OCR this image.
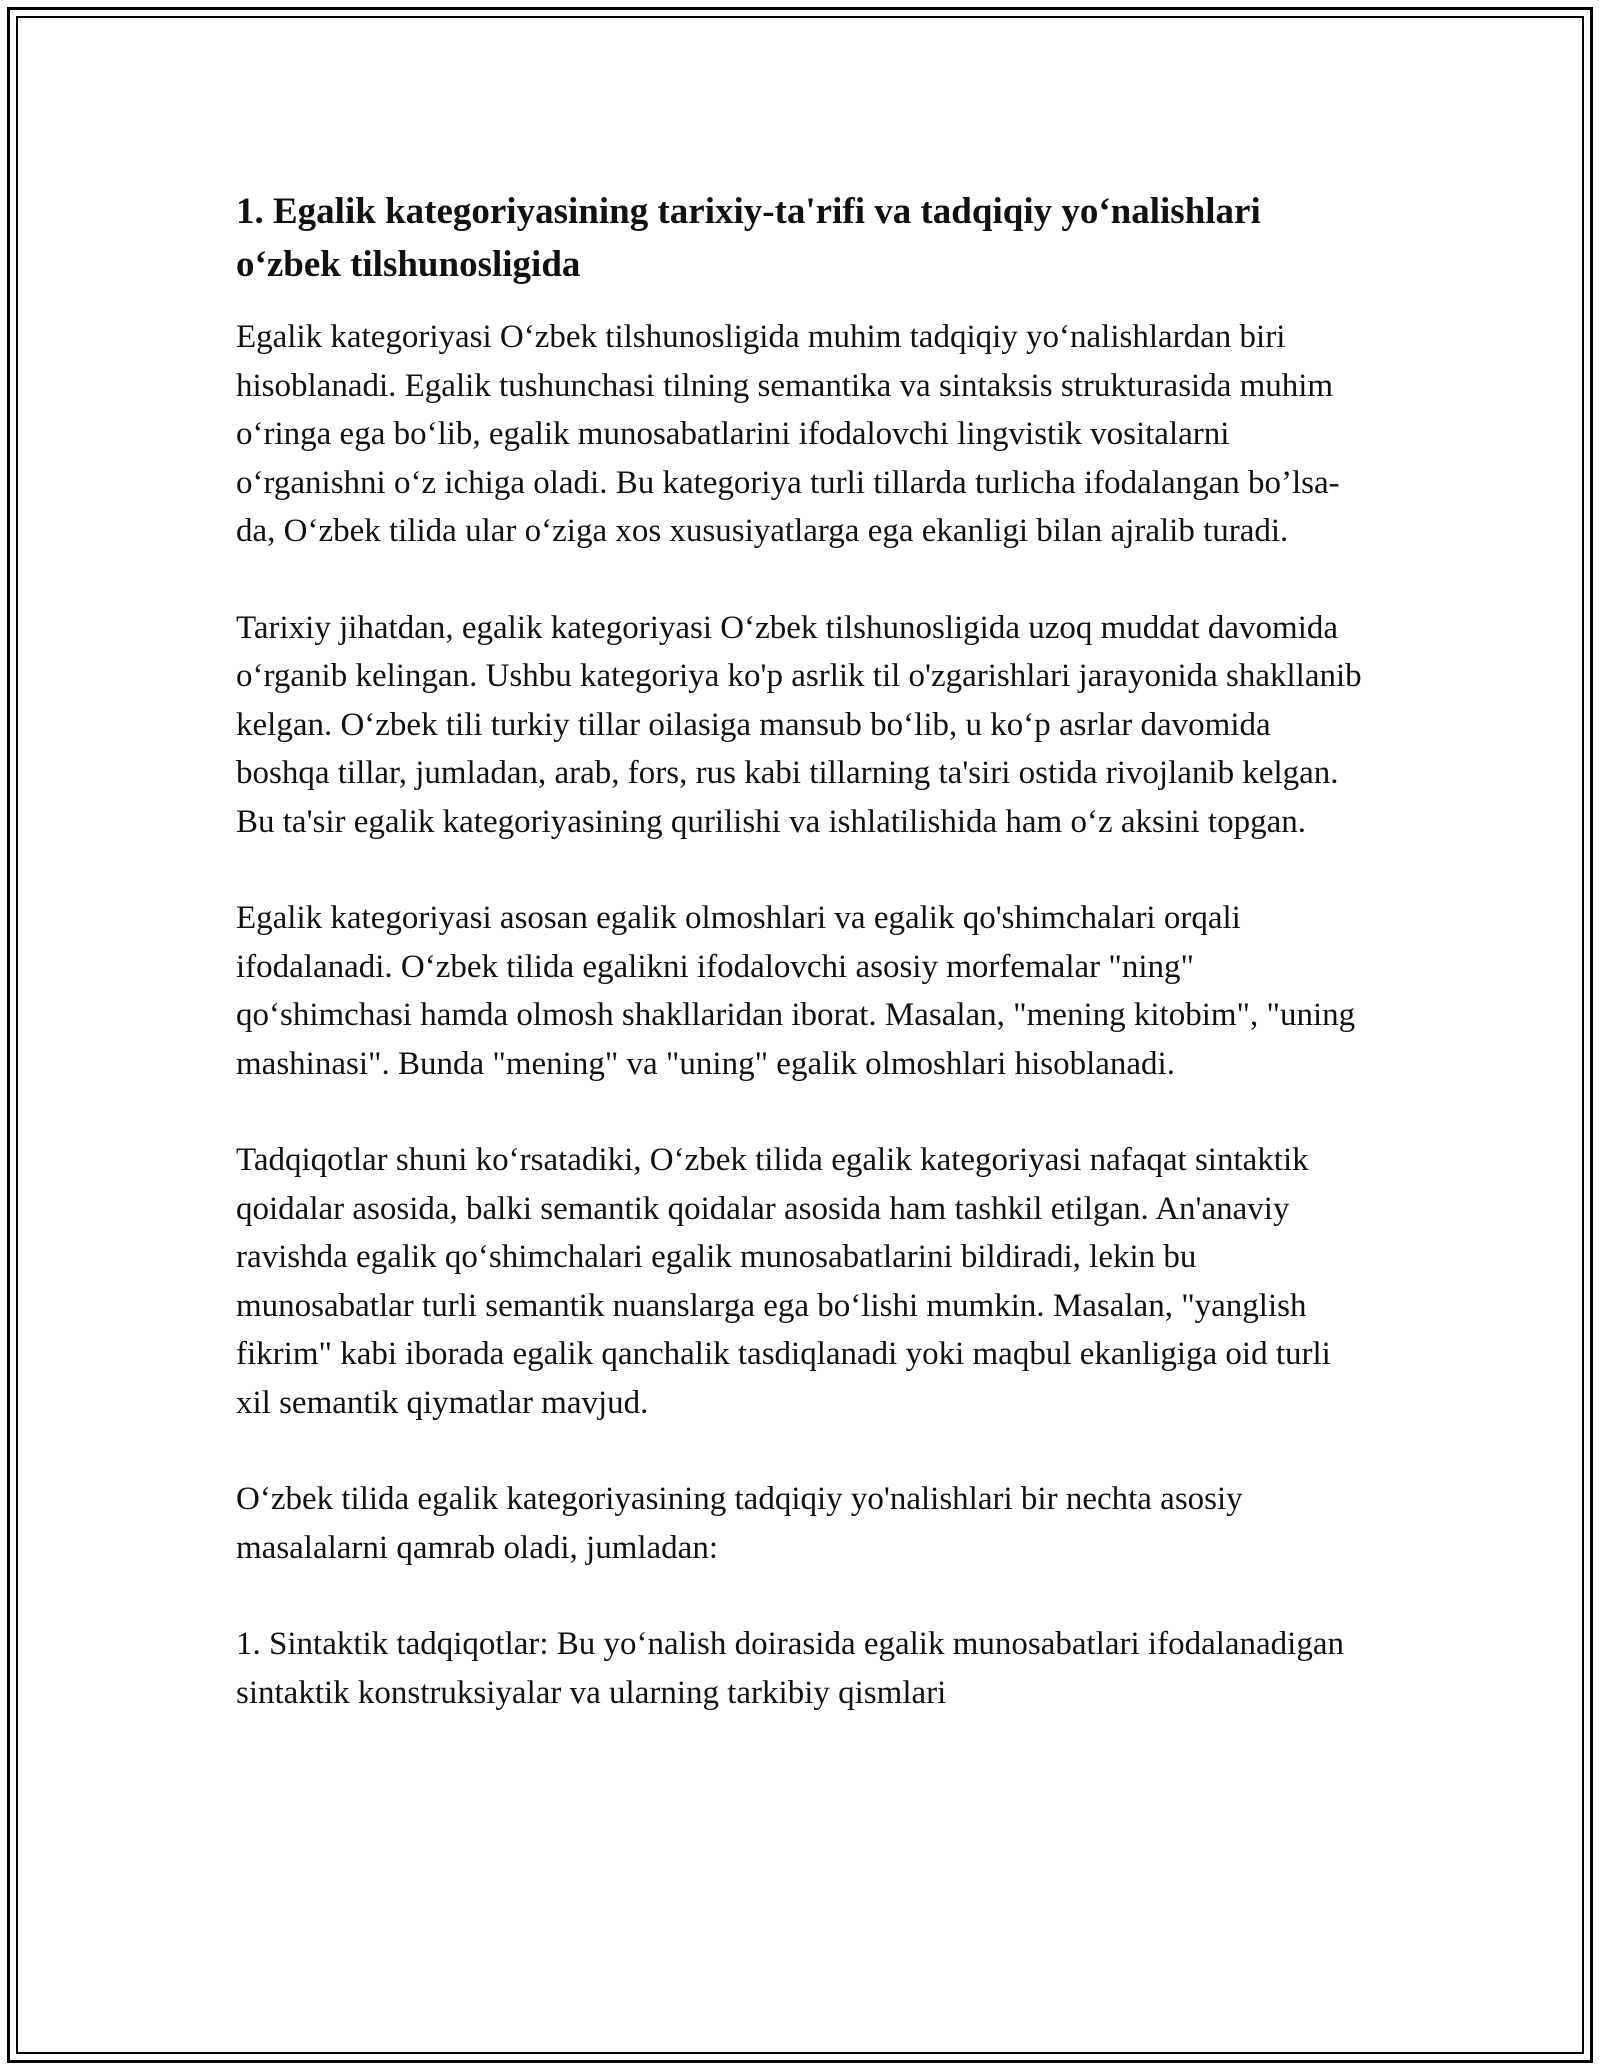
1. Egalik kategoriyasining tarixiy-ta'rifi va tadqiqiy yo‘nalishlari o‘zbek tilshunosligida

Egalik kategoriyasi O‘zbek tilshunosligida muhim tadqiqiy yo‘nalishlardan biri hisoblanadi. Egalik tushunchasi tilning semantika va sintaksis strukturasida muhim o‘ringa ega bo‘lib, egalik munosabatlarini ifodalovchi lingvistik vositalarni o‘rganishni o‘z ichiga oladi. Bu kategoriya turli tillarda turlicha ifodalangan bo’lsa-da, O‘zbek tilida ular o‘ziga xos xususiyatlarga ega ekanligi bilan ajralib turadi.

Tarixiy jihatdan, egalik kategoriyasi O‘zbek tilshunosligida uzoq muddat davomida o‘rganib kelingan. Ushbu kategoriya ko'p asrlik til o'zgarishlari jarayonida shakllanib kelgan. O‘zbek tili turkiy tillar oilasiga mansub bo‘lib, u ko‘p asrlar davomida boshqa tillar, jumladan, arab, fors, rus kabi tillarning ta'siri ostida rivojlanib kelgan. Bu ta'sir egalik kategoriyasining qurilishi va ishlatilishida ham o‘z aksini topgan.

Egalik kategoriyasi asosan egalik olmoshlari va egalik qo'shimchalari orqali ifodalanadi. O‘zbek tilida egalikni ifodalovchi asosiy morfemalar "ning" qo‘shimchasi hamda olmosh shakllaridan iborat. Masalan, "mening kitobim", "uning mashinasi". Bunda "mening" va "uning" egalik olmoshlari hisoblanadi.

Tadqiqotlar shuni ko‘rsatadiki, O‘zbek tilida egalik kategoriyasi nafaqat sintaktik qoidalar asosida, balki semantik qoidalar asosida ham tashkil etilgan. An'anaviy ravishda egalik qo‘shimchalari egalik munosabatlarini bildiradi, lekin bu munosabatlar turli semantik nuanslarga ega bo‘lishi mumkin. Masalan, "yanglish fikrim" kabi iborada egalik qanchalik tasdiqlanadi yoki maqbul ekanligiga oid turli xil semantik qiymatlar mavjud.

O‘zbek tilida egalik kategoriyasining tadqiqiy yo'nalishlari bir nechta asosiy masalalarni qamrab oladi, jumladan:

1. Sintaktik tadqiqotlar: Bu yo‘nalish doirasida egalik munosabatlari ifodalanadigan sintaktik konstruksiyalar va ularning tarkibiy qismlari
